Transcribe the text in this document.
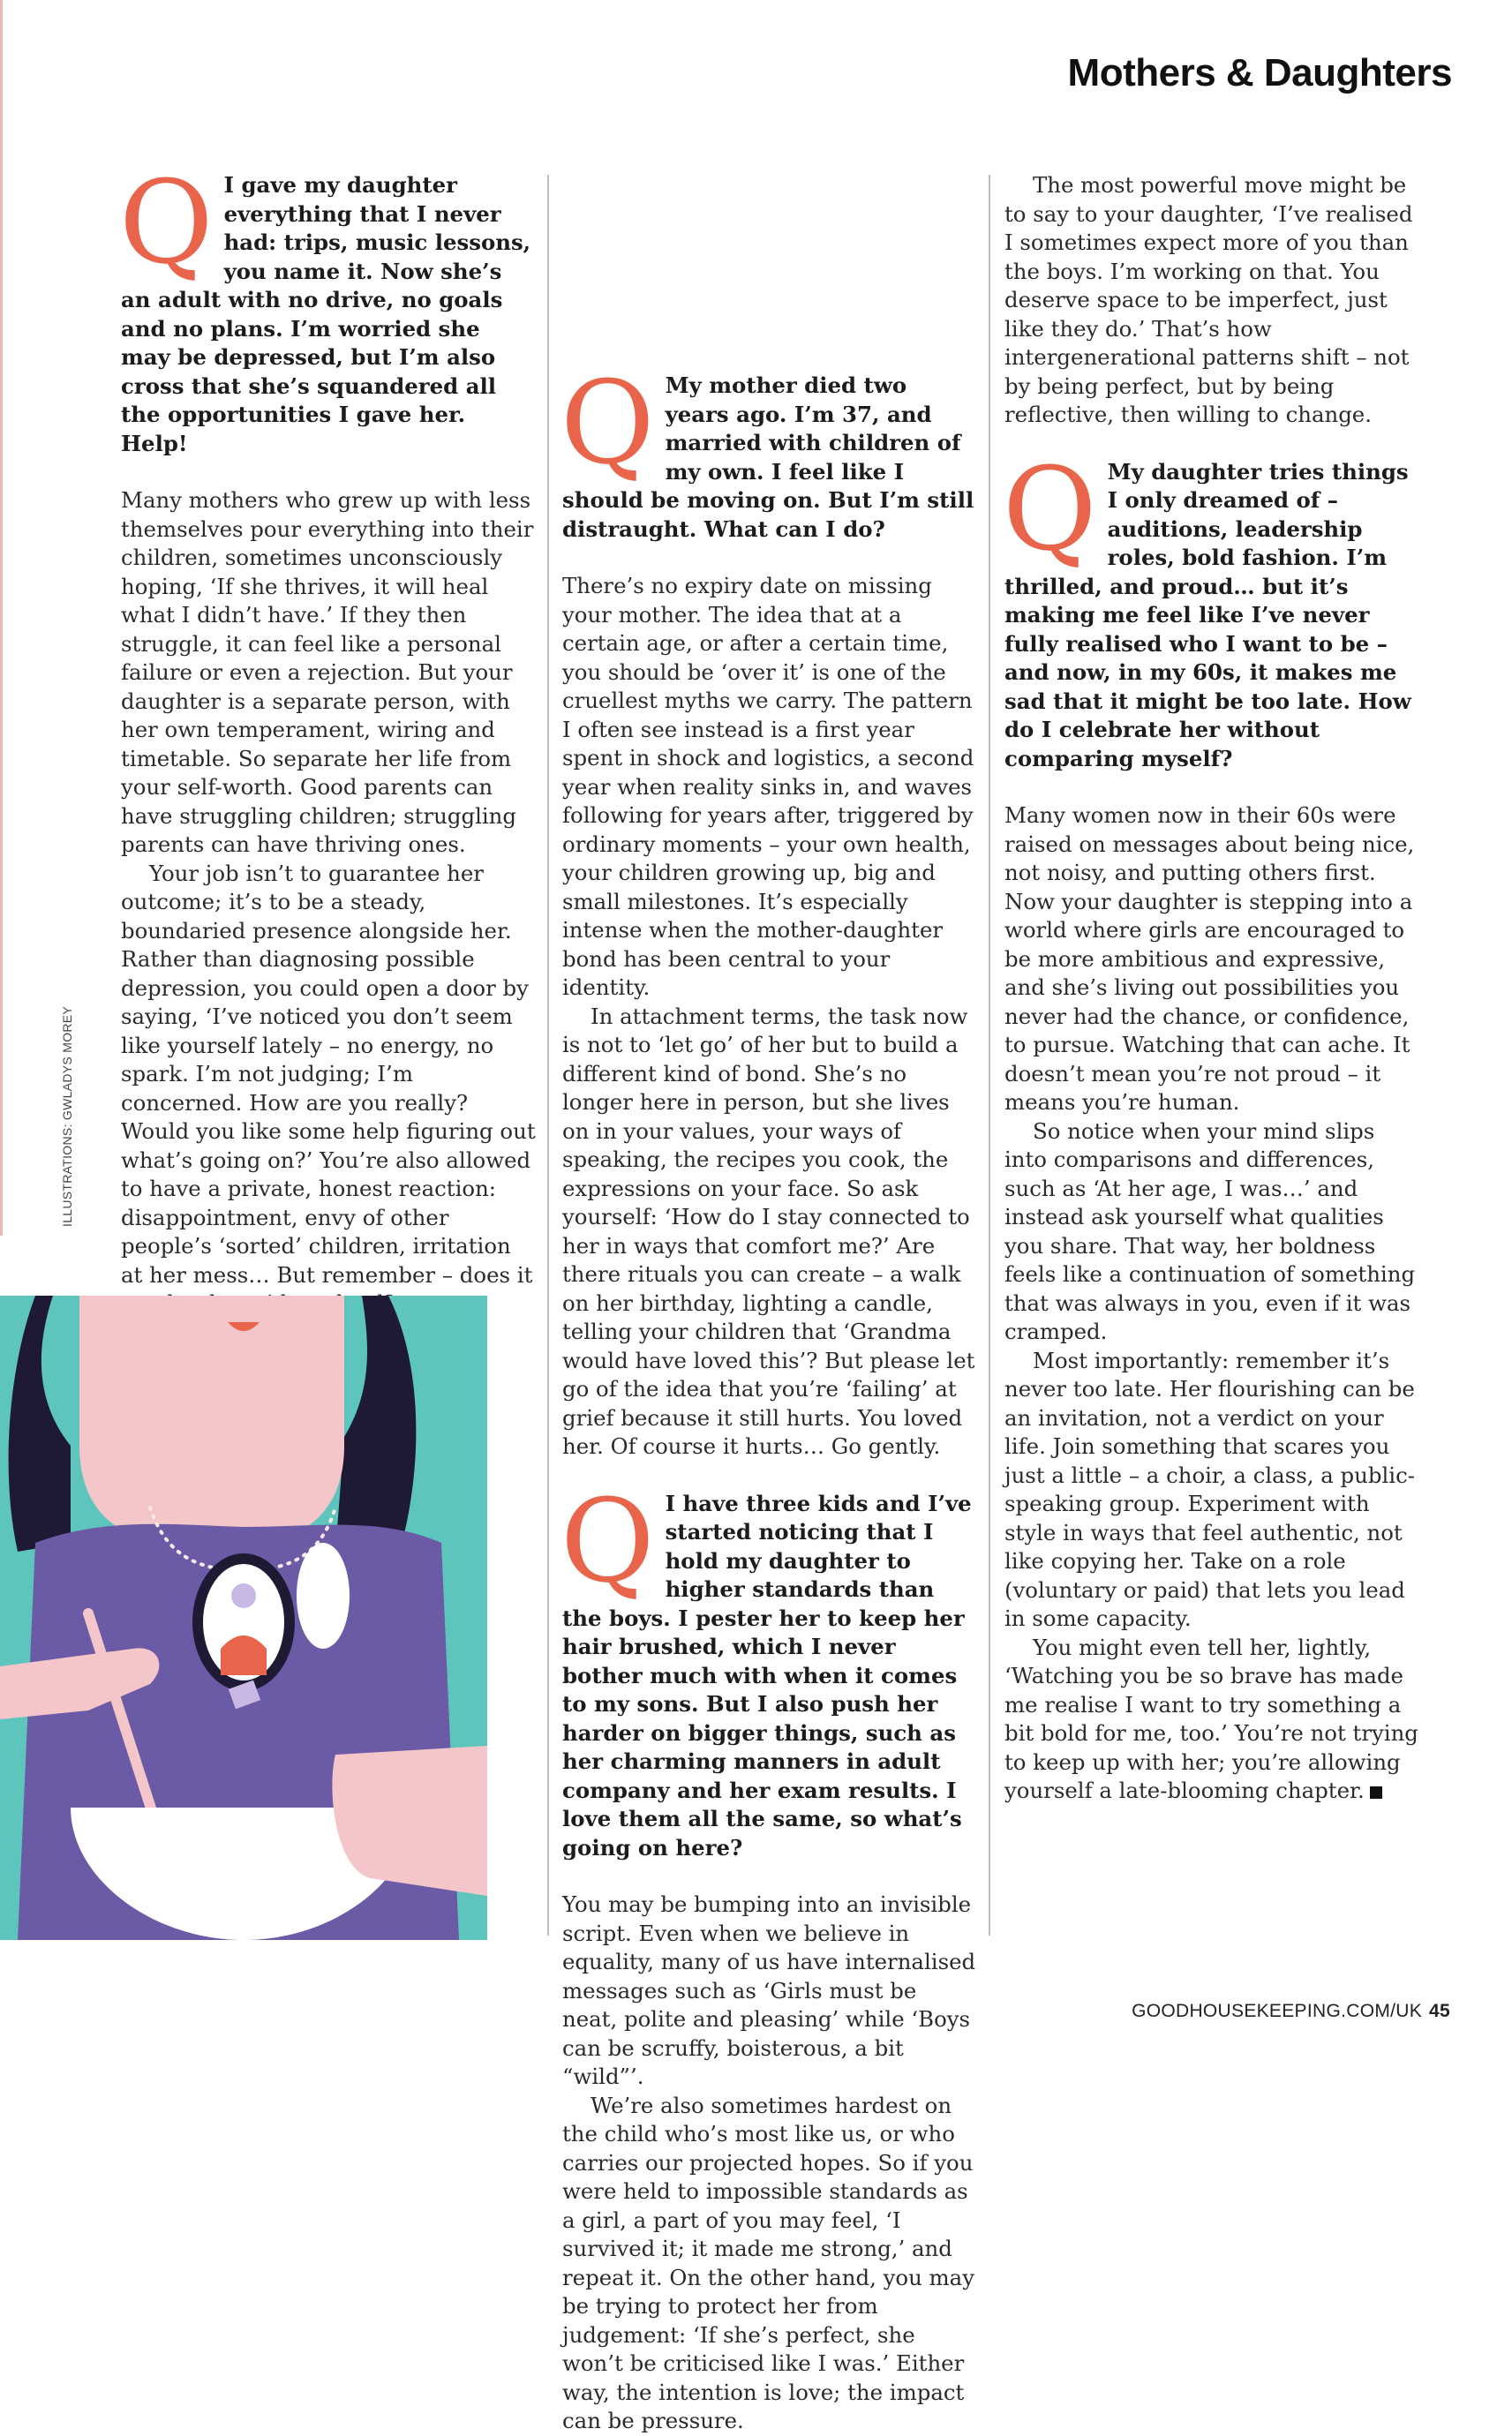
Mothers & Daughters
Q I gave my daughter everything that I never had: trips, music lessons, you name it. Now she’s an adult with no drive, no goals and no plans. I’m worried she may be depressed, but I’m also cross that she’s squandered all the opportunities I gave her. Help!

Many mothers who grew up with less themselves pour everything into their children, sometimes unconsciously hoping, ‘If she thrives, it will heal what I didn’t have.’ If they then struggle, it can feel like a personal failure or even a rejection. But your daughter is a separate person, with her own temperament, wiring and timetable. So separate her life from your self-worth. Good parents can have struggling children; struggling parents can have thriving ones.

Your job isn’t to guarantee her outcome; it’s to be a steady, boundaried presence alongside her. Rather than diagnosing possible depression, you could open a door by saying, ‘I’ve noticed you don’t seem like yourself lately – no energy, no spark. I’m not judging; I’m concerned. How are you really? Would you like some help figuring out what’s going on?’ You’re also allowed to have a private, honest reaction: disappointment, envy of other people’s ‘sorted’ children, irritation at her mess… But remember – does it

Q My mother died two years ago. I’m 37, and married with children of my own. I feel like I should be moving on. But I’m still distraught. What can I do?

There’s no expiry date on missing your mother. The idea that at a certain age, or after a certain time, you should be ‘over it’ is one of the cruellest myths we carry. The pattern I often see instead is a first year spent in shock and logistics, a second year when reality sinks in, and waves following for years after, triggered by ordinary moments – your own health, your children growing up, big and small milestones. It’s especially intense when the mother-daughter bond has been central to your identity.

In attachment terms, the task now is not to ‘let go’ of her but to build a different kind of bond. She’s no longer here in person, but she lives on in your values, your ways of speaking, the recipes you cook, the expressions on your face. So ask yourself: ‘How do I stay connected to her in ways that comfort me?’ Are there rituals you can create – a walk on her birthday, lighting a candle, telling your children that ‘Grandma would have loved this’? But please let go of the idea that you’re ‘failing’ at grief because it still hurts. You loved her. Of course it hurts… Go gently.

Q I have three kids and I’ve started noticing that I hold my daughter to higher standards than the boys. I pester her to keep her hair brushed, which I never bother much with when it comes to my sons. But I also push her harder on bigger things, such as her charming manners in adult company and her exam results. I love them all the same, so what’s going on here?

You may be bumping into an invisible script. Even when we believe in equality, many of us have internalised messages such as ‘Girls must be neat, polite and pleasing’ while ‘Boys can be scruffy, boisterous, a bit “wild”’.

We’re also sometimes hardest on the child who’s most like us, or who carries our projected hopes. So if you were held to impossible standards as a girl, a part of you may feel, ‘I survived it; it made me strong,’ and repeat it. On the other hand, you may be trying to protect her from judgement: ‘If she’s perfect, she won’t be criticised like I was.’ Either way, the intention is love; the impact can be pressure.

The most powerful move might be to say to your daughter, ‘I’ve realised I sometimes expect more of you than the boys. I’m working on that. You deserve space to be imperfect, just like they do.’ That’s how intergenerational patterns shift – not by being perfect, but by being reflective, then willing to change.

Q My daughter tries things I only dreamed of – auditions, leadership roles, bold fashion. I’m thrilled, and proud… but it’s making me feel like I’ve never fully realised who I want to be – and now, in my 60s, it makes me sad that it might be too late. How do I celebrate her without comparing myself?

Many women now in their 60s were raised on messages about being nice, not noisy, and putting others first. Now your daughter is stepping into a world where girls are encouraged to be more ambitious and expressive, and she’s living out possibilities you never had the chance, or confidence, to pursue. Watching that can ache. It doesn’t mean you’re not proud – it means you’re human.

So notice when your mind slips into comparisons and differences, such as ‘At her age, I was…’ and instead ask yourself what qualities you share. That way, her boldness feels like a continuation of something that was always in you, even if it was cramped.

Most importantly: remember it’s never too late. Her flourishing can be an invitation, not a verdict on your life. Join something that scares you just a little – a choir, a class, a public-speaking group. Experiment with style in ways that feel authentic, not like copying her. Take on a role (voluntary or paid) that lets you lead in some capacity.

You might even tell her, lightly, ‘Watching you be so brave has made me realise I want to try something a bit bold for me, too.’ You’re not trying to keep up with her; you’re allowing yourself a late-blooming chapter.

ILLUSTRATIONS: GWLADYS MOREY
GOODHOUSEKEEPING.COM/UK 45
